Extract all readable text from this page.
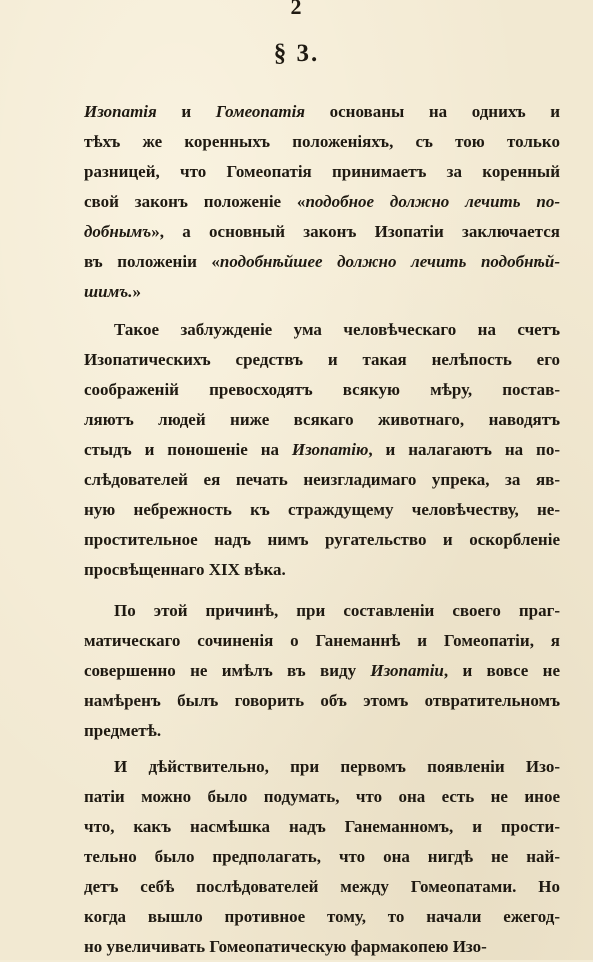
2
§ 3.
Изопатія и Гомеопатія основаны на однихъ и
тѣхъ же коренныхъ положеніяхъ, съ тою только
разницей, что Гомеопатія принимаетъ за коренный
свой законъ положеніе «подобное должно лечить по-
добнымъ», а основный законъ Изопатіи заключается
въ положеніи «подобнѣйшее должно лечить подобнѣй-
шимъ.»
Такое заблужденіе ума человѣческаго на счетъ
Изопатическихъ средствъ и такая нелѣпость его
соображеній превосходятъ всякую мѣру, постав-
ляютъ людей ниже всякаго животнаго, наводятъ
стыдъ и поношеніе на Изопатію, и налагаютъ на по-
слѣдователей ея печать неизгладимаго упрека, за яв-
ную небрежность къ страждущему человѣчеству, не-
простительное надъ нимъ ругательство и оскорбленіе
просвѣщеннаго XIX вѣка.
По этой причинѣ, при составленіи своего праг-
матическаго сочиненія о Ганеманнѣ и Гомеопатіи, я
совершенно не имѣлъ въ виду Изопатіи, и вовсе не
намѣренъ былъ говорить объ этомъ отвратительномъ
предметѣ.
И дѣйствительно, при первомъ появленіи Изо-
патіи можно было подумать, что она есть не иное
что, какъ насмѣшка надъ Ганеманномъ, и прости-
тельно было предполагать, что она нигдѣ не най-
детъ себѣ послѣдователей между Гомеопатами. Но
когда вышло противное тому, то начали ежегод-
но увеличивать Гомеопатическую фармакопею Изо-
